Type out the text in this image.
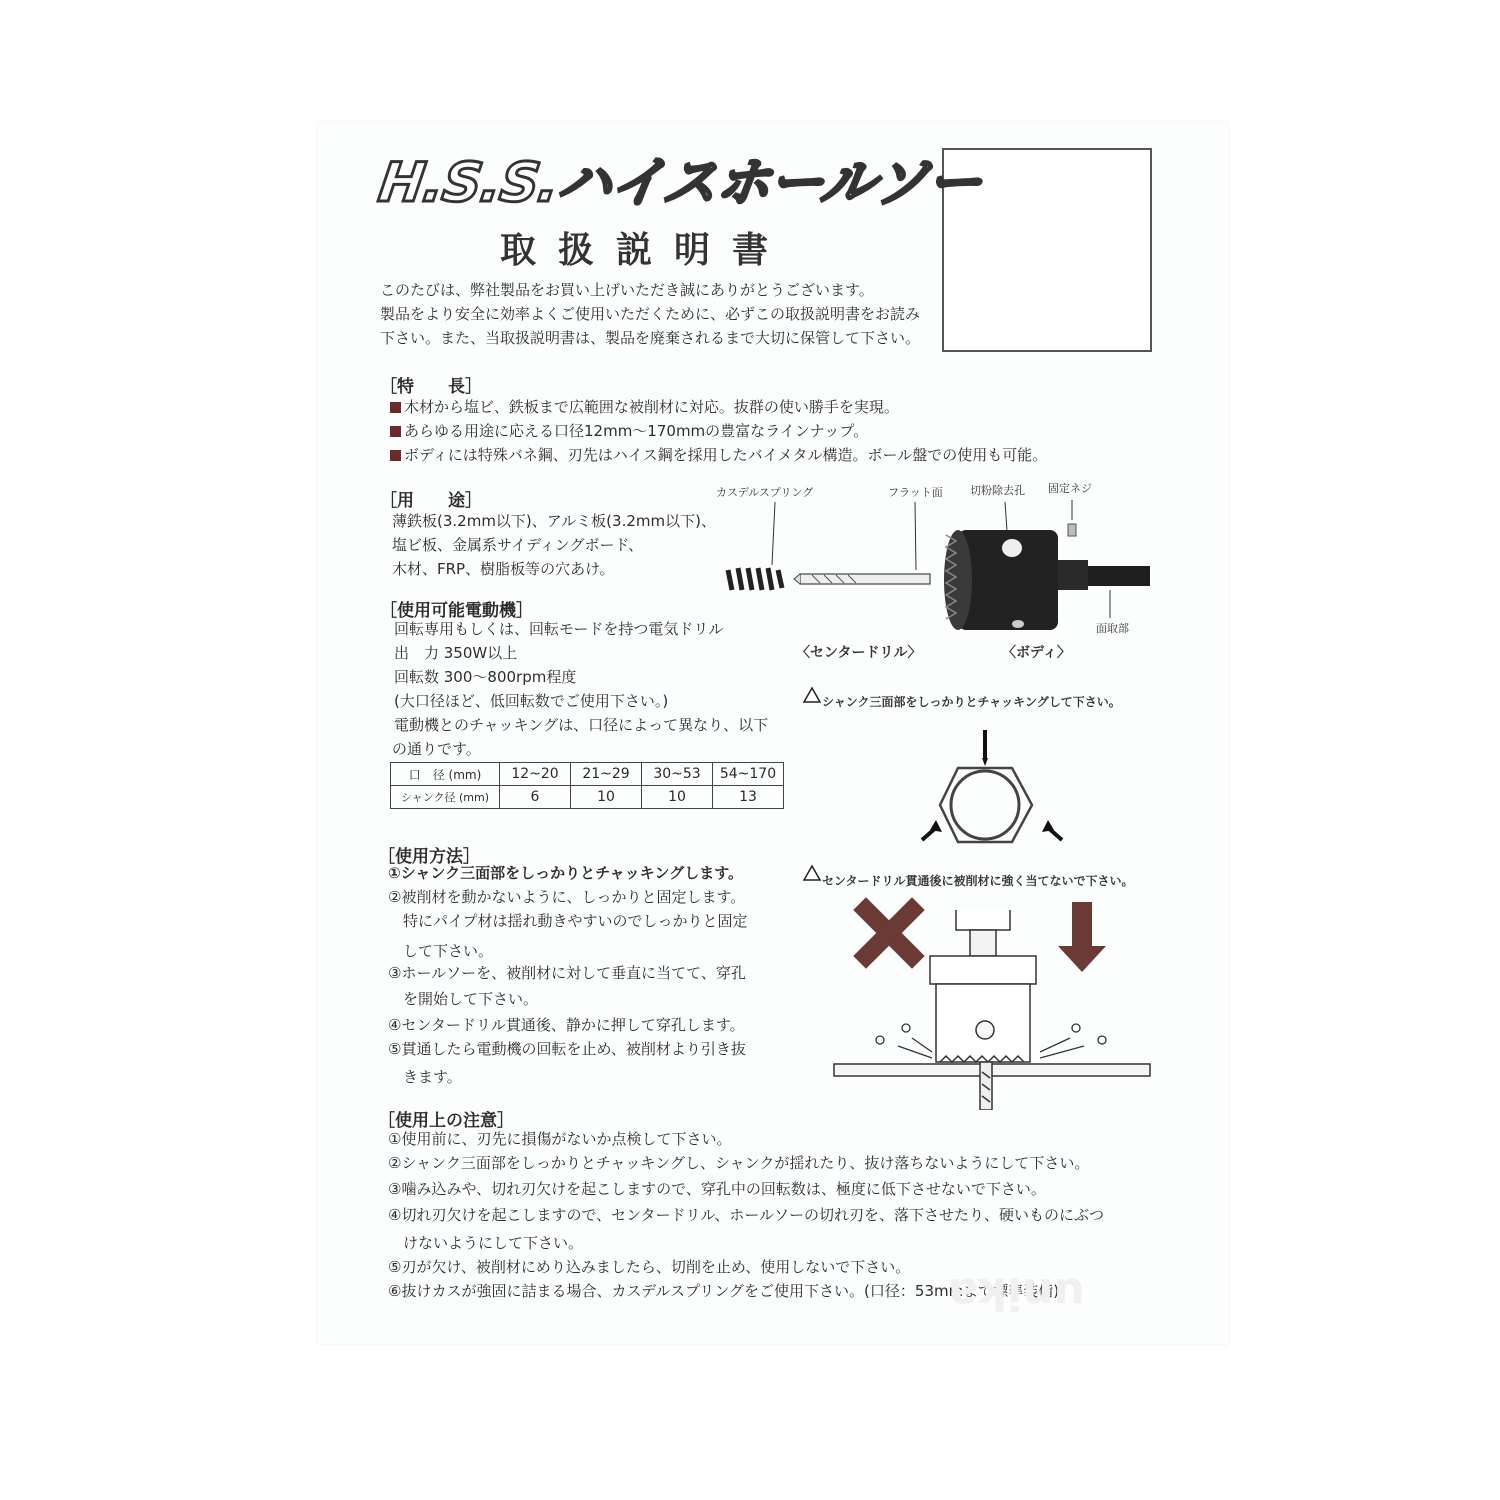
H.S.S.ハイスホールソー
取扱説明書
このたびは、弊社製品をお買い上げいただき誠にありがとうございます。
製品をより安全に効率よくご使用いただくために、必ずこの取扱説明書をお読み
下さい。また、当取扱説明書は、製品を廃棄されるまで大切に保管して下さい。
［特　　長］
木材から塩ビ、鉄板まで広範囲な被削材に対応。抜群の使い勝手を実現。
あらゆる用途に応える口径12mm～170mmの豊富なラインナップ。
ボディには特殊バネ鋼、刃先はハイス鋼を採用したバイメタル構造。ボール盤での使用も可能。
［用　　途］
薄鉄板(3.2mm以下)、アルミ板(3.2mm以下)、
塩ビ板、金属系サイディングボード、
木材、FRP、樹脂板等の穴あけ。
［使用可能電動機］
回転専用もしくは、回転モードを持つ電気ドリル
出　力 350W以上
回転数 300～800rpm程度
(大口径ほど、低回転数でご使用下さい。)
電動機とのチャッキングは、口径によって異なり、以下
の通りです。
口　径 (mm)	12~20	21~29	30~53	54~170
シャンク径 (mm)	6	10	10	13
［使用方法］
①シャンク三面部をしっかりとチャッキングします。
②被削材を動かないように、しっかりと固定します。
　特にパイプ材は揺れ動きやすいのでしっかりと固定
　して下さい。
③ホールソーを、被削材に対して垂直に当てて、穿孔
　を開始して下さい。
④センタードリル貫通後、静かに押して穿孔します。
⑤貫通したら電動機の回転を止め、被削材より引き抜
　きます。
［使用上の注意］
①使用前に、刃先に損傷がないか点検して下さい。
②シャンク三面部をしっかりとチャッキングし、シャンクが揺れたり、抜け落ちないようにして下さい。
③噛み込みや、切れ刃欠けを起こしますので、穿孔中の回転数は、極度に低下させないで下さい。
④切れ刃欠けを起こしますので、センタードリル、ホールソーの切れ刃を、落下させたり、硬いものにぶつ
　けないようにして下さい。
⑤刃が欠け、被削材にめり込みましたら、切削を止め、使用しないで下さい。
⑥抜けカスが強固に詰まる場合、カスデルスプリングをご使用下さい。(口径：53mmまで標準装備)
unika
カスデルスプリング	フラット面 切粉除去孔 固定ネジ
面取部
〈センタードリル〉	〈ボディ〉
シャンク三面部をしっかりとチャッキングして下さい。
センタードリル貫通後に被削材に強く当てないで下さい。
